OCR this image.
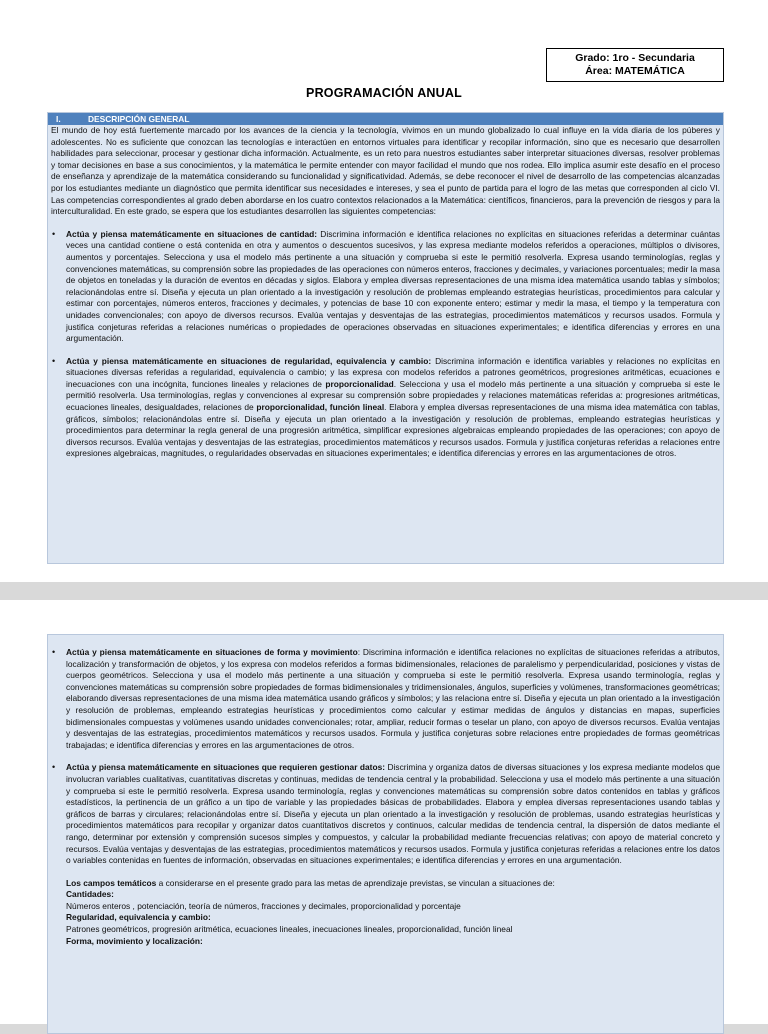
Grado: 1ro - Secundaria
Área: MATEMÁTICA
PROGRAMACIÓN ANUAL
I.	DESCRIPCIÓN GENERAL
El mundo de hoy está fuertemente marcado por los avances de la ciencia y la tecnología, vivimos en un mundo globalizado lo cual influye en la vida diaria de los púberes y adolescentes. No es suficiente que conozcan las tecnologías e interactúen en entornos virtuales para identificar y recopilar información, sino que es necesario que desarrollen habilidades para seleccionar, procesar y gestionar dicha información. Actualmente, es un reto para nuestros estudiantes saber interpretar situaciones diversas, resolver problemas y tomar decisiones en base a sus conocimientos, y la matemática le permite entender con mayor facilidad el mundo que nos rodea. Ello implica asumir este desafío en el proceso de enseñanza y aprendizaje de la matemática considerando su funcionalidad y significatividad. Además, se debe reconocer el nivel de desarrollo de las competencias alcanzadas por los estudiantes mediante un diagnóstico que permita identificar sus necesidades e intereses, y sea el punto de partida para el logro de las metas que corresponden al ciclo VI. Las competencias correspondientes al grado deben abordarse en los cuatro contextos relacionados a la Matemática: científicos, financieros, para la prevención de riesgos y para la interculturalidad. En este grado, se espera que los estudiantes desarrollen las siguientes competencias:
• Actúa y piensa matemáticamente en situaciones de cantidad: Discrimina información e identifica relaciones no explícitas en situaciones referidas a determinar cuántas veces una cantidad contiene o está contenida en otra y aumentos o descuentos sucesivos, y las expresa mediante modelos referidos a operaciones, múltiplos o divisores, aumentos y porcentajes. Selecciona y usa el modelo más pertinente a una situación y comprueba si este le permitió resolverla. Expresa usando terminologías, reglas y convenciones matemáticas, su comprensión sobre las propiedades de las operaciones con números enteros, fracciones y decimales, y variaciones porcentuales; medir la masa de objetos en toneladas y la duración de eventos en décadas y siglos. Elabora y emplea diversas representaciones de una misma idea matemática usando tablas y símbolos; relacionándolas entre sí. Diseña y ejecuta un plan orientado a la investigación y resolución de problemas empleando estrategias heurísticas, procedimientos para calcular y estimar con porcentajes, números enteros, fracciones y decimales, y potencias de base 10 con exponente entero; estimar y medir la masa, el tiempo y la temperatura con unidades convencionales; con apoyo de diversos recursos. Evalúa ventajas y desventajas de las estrategias, procedimientos matemáticos y recursos usados. Formula y justifica conjeturas referidas a relaciones numéricas o propiedades de operaciones observadas en situaciones experimentales; e identifica diferencias y errores en una argumentación.
• Actúa y piensa matemáticamente en situaciones de regularidad, equivalencia y cambio: Discrimina información e identifica variables y relaciones no explícitas en situaciones diversas referidas a regularidad, equivalencia o cambio; y las expresa con modelos referidos a patrones geométricos, progresiones aritméticas, ecuaciones e inecuaciones con una incógnita, funciones lineales y relaciones de proporcionalidad. Selecciona y usa el modelo más pertinente a una situación y comprueba si este le permitió resolverla. Usa terminologías, reglas y convenciones al expresar su comprensión sobre propiedades y relaciones matemáticas referidas a: progresiones aritméticas, ecuaciones lineales, desigualdades, relaciones de proporcionalidad, función lineal. Elabora y emplea diversas representaciones de una misma idea matemática con tablas, gráficos, símbolos; relacionándolas entre sí. Diseña y ejecuta un plan orientado a la investigación y resolución de problemas, empleando estrategias heurísticas y procedimientos para determinar la regla general de una progresión aritmética, simplificar expresiones algebraicas empleando propiedades de las operaciones; con apoyo de diversos recursos. Evalúa ventajas y desventajas de las estrategias, procedimientos matemáticos y recursos usados. Formula y justifica conjeturas referidas a relaciones entre expresiones algebraicas, magnitudes, o regularidades observadas en situaciones experimentales; e identifica diferencias y errores en las argumentaciones de otros.
• Actúa y piensa matemáticamente en situaciones de forma y movimiento: Discrimina información e identifica relaciones no explícitas de situaciones referidas a atributos, localización y transformación de objetos, y los expresa con modelos referidos a formas bidimensionales, relaciones de paralelismo y perpendicularidad, posiciones y vistas de cuerpos geométricos. Selecciona y usa el modelo más pertinente a una situación y comprueba si este le permitió resolverla. Expresa usando terminología, reglas y convenciones matemáticas su comprensión sobre propiedades de formas bidimensionales y tridimensionales, ángulos, superficies y volúmenes, transformaciones geométricas; elaborando diversas representaciones de una misma idea matemática usando gráficos y símbolos; y las relaciona entre sí. Diseña y ejecuta un plan orientado a la investigación y resolución de problemas, empleando estrategias heurísticas y procedimientos como calcular y estimar medidas de ángulos y distancias en mapas, superficies bidimensionales compuestas y volúmenes usando unidades convencionales; rotar, ampliar, reducir formas o teselar un plano, con apoyo de diversos recursos. Evalúa ventajas y desventajas de las estrategias, procedimientos matemáticos y recursos usados. Formula y justifica conjeturas sobre relaciones entre propiedades de formas geométricas trabajadas; e identifica diferencias y errores en las argumentaciones de otros.
• Actúa y piensa matemáticamente en situaciones que requieren gestionar datos: Discrimina y organiza datos de diversas situaciones y los expresa mediante modelos que involucran variables cualitativas, cuantitativas discretas y continuas, medidas de tendencia central y la probabilidad. Selecciona y usa el modelo más pertinente a una situación y comprueba si este le permitió resolverla. Expresa usando terminología, reglas y convenciones matemáticas su comprensión sobre datos contenidos en tablas y gráficos estadísticos, la pertinencia de un gráfico a un tipo de variable y las propiedades básicas de probabilidades. Elabora y emplea diversas representaciones usando tablas y gráficos de barras y circulares; relacionándolas entre sí. Diseña y ejecuta un plan orientado a la investigación y resolución de problemas, usando estrategias heurísticas y procedimientos matemáticos para recopilar y organizar datos cuantitativos discretos y continuos, calcular medidas de tendencia central, la dispersión de datos mediante el rango, determinar por extensión y comprensión sucesos simples y compuestos, y calcular la probabilidad mediante frecuencias relativas; con apoyo de material concreto y recursos. Evalúa ventajas y desventajas de las estrategias, procedimientos matemáticos y recursos usados. Formula y justifica conjeturas referidas a relaciones entre los datos o variables contenidas en fuentes de información, observadas en situaciones experimentales; e identifica diferencias y errores en una argumentación.
Los campos temáticos a considerarse en el presente grado para las metas de aprendizaje previstas, se vinculan a situaciones de:
Cantidades:
Números enteros , potenciación, teoría de números, fracciones y decimales, proporcionalidad y porcentaje
Regularidad, equivalencia y cambio:
Patrones geométricos, progresión aritmética, ecuaciones lineales, inecuaciones lineales, proporcionalidad, función lineal
Forma, movimiento y localización:
